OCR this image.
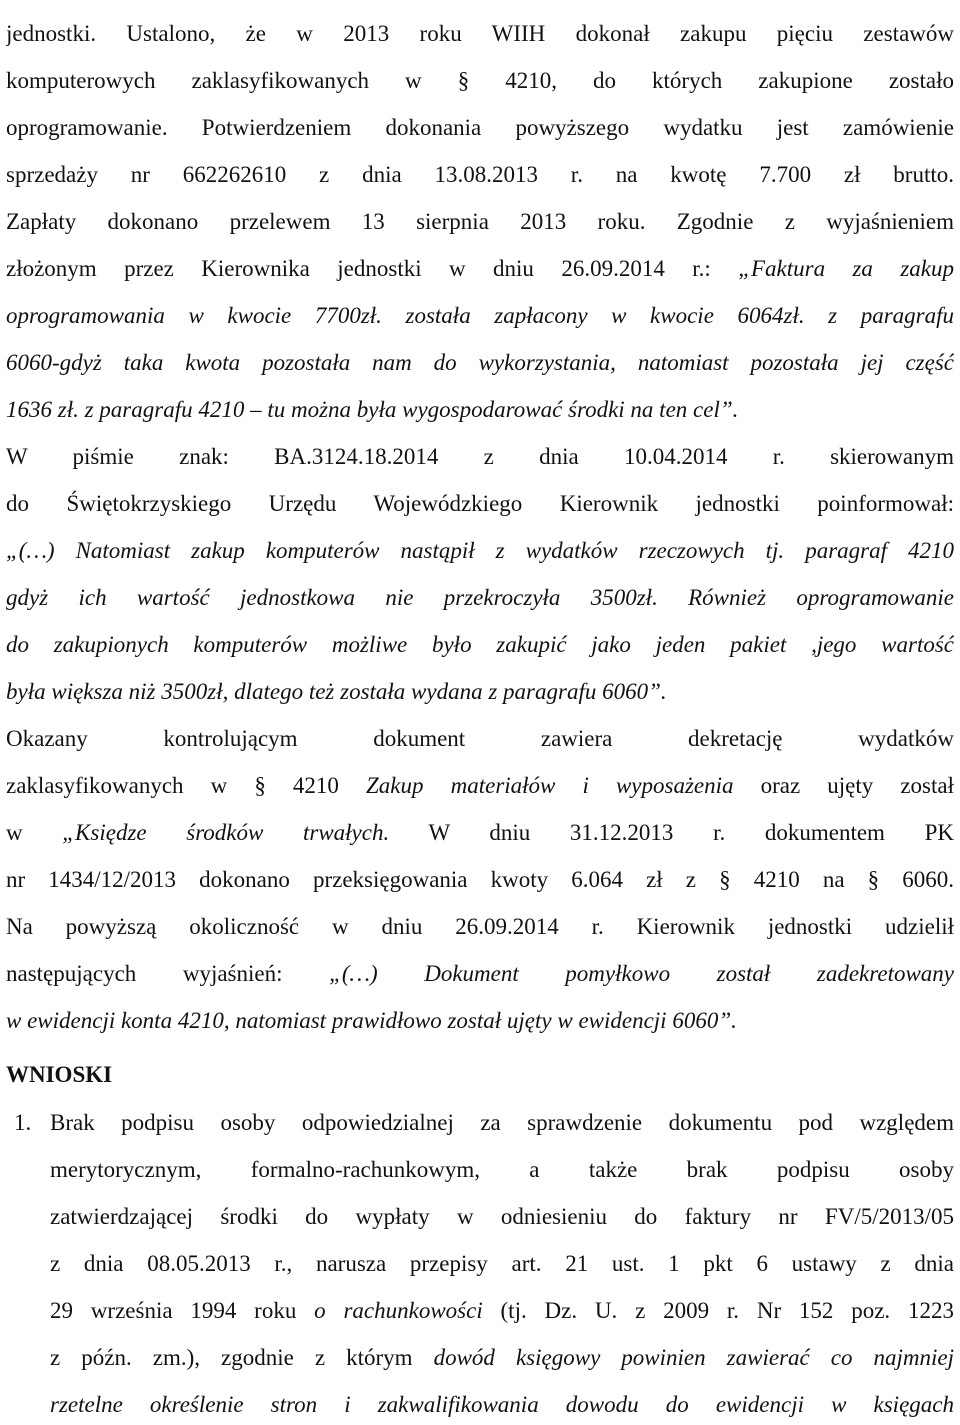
jednostki. Ustalono, że w 2013 roku WIIH dokonał zakupu pięciu zestawów
komputerowych zaklasyfikowanych w § 4210, do których zakupione zostało
oprogramowanie. Potwierdzeniem dokonania powyższego wydatku jest zamówienie
sprzedaży nr 662262610 z dnia 13.08.2013 r. na kwotę 7.700 zł brutto.
Zapłaty dokonano przelewem 13 sierpnia 2013 roku. Zgodnie z wyjaśnieniem
złożonym przez Kierownika jednostki w dniu 26.09.2014 r.: „Faktura za zakup
oprogramowania w kwocie 7700zł. została zapłacony w kwocie 6064zł. z paragrafu
6060-gdyż taka kwota pozostała nam do wykorzystania, natomiast pozostała jej część
1636 zł. z paragrafu 4210 – tu można była wygospodarować środki na ten cel”.
W piśmie znak: BA.3124.18.2014 z dnia 10.04.2014 r. skierowanym
do Świętokrzyskiego Urzędu Wojewódzkiego Kierownik jednostki poinformował:
„(…) Natomiast zakup komputerów nastąpił z wydatków rzeczowych tj. paragraf 4210
gdyż ich wartość jednostkowa nie przekroczyła 3500zł. Również oprogramowanie
do zakupionych komputerów możliwe było zakupić jako jeden pakiet ,jego wartość
była większa niż 3500zł, dlatego też została wydana z paragrafu 6060”.
Okazany kontrolującym dokument zawiera dekretację wydatków
zaklasyfikowanych w § 4210 Zakup materiałów i wyposażenia oraz ujęty został
w „Księdze środków trwałych. W dniu 31.12.2013 r. dokumentem PK
nr 1434/12/2013 dokonano przeksięgowania kwoty 6.064 zł z § 4210 na § 6060.
Na powyższą okoliczność w dniu 26.09.2014 r. Kierownik jednostki udzielił
następujących wyjaśnień: „(…) Dokument pomyłkowo został zadekretowany
w ewidencji konta 4210, natomiast prawidłowo został ujęty w ewidencji 6060”.
WNIOSKI
1. Brak podpisu osoby odpowiedzialnej za sprawdzenie dokumentu pod względem
merytorycznym, formalno-rachunkowym, a także brak podpisu osoby
zatwierdzającej środki do wypłaty w odniesieniu do faktury nr FV/5/2013/05
z dnia 08.05.2013 r., narusza przepisy art. 21 ust. 1 pkt 6 ustawy z dnia
29 września 1994 roku o rachunkowości (tj. Dz. U. z 2009 r. Nr 152 poz. 1223
z późn. zm.), zgodnie z którym dowód księgowy powinien zawierać co najmniej
rzetelne określenie stron i zakwalifikowania dowodu do ewidencji w księgach
